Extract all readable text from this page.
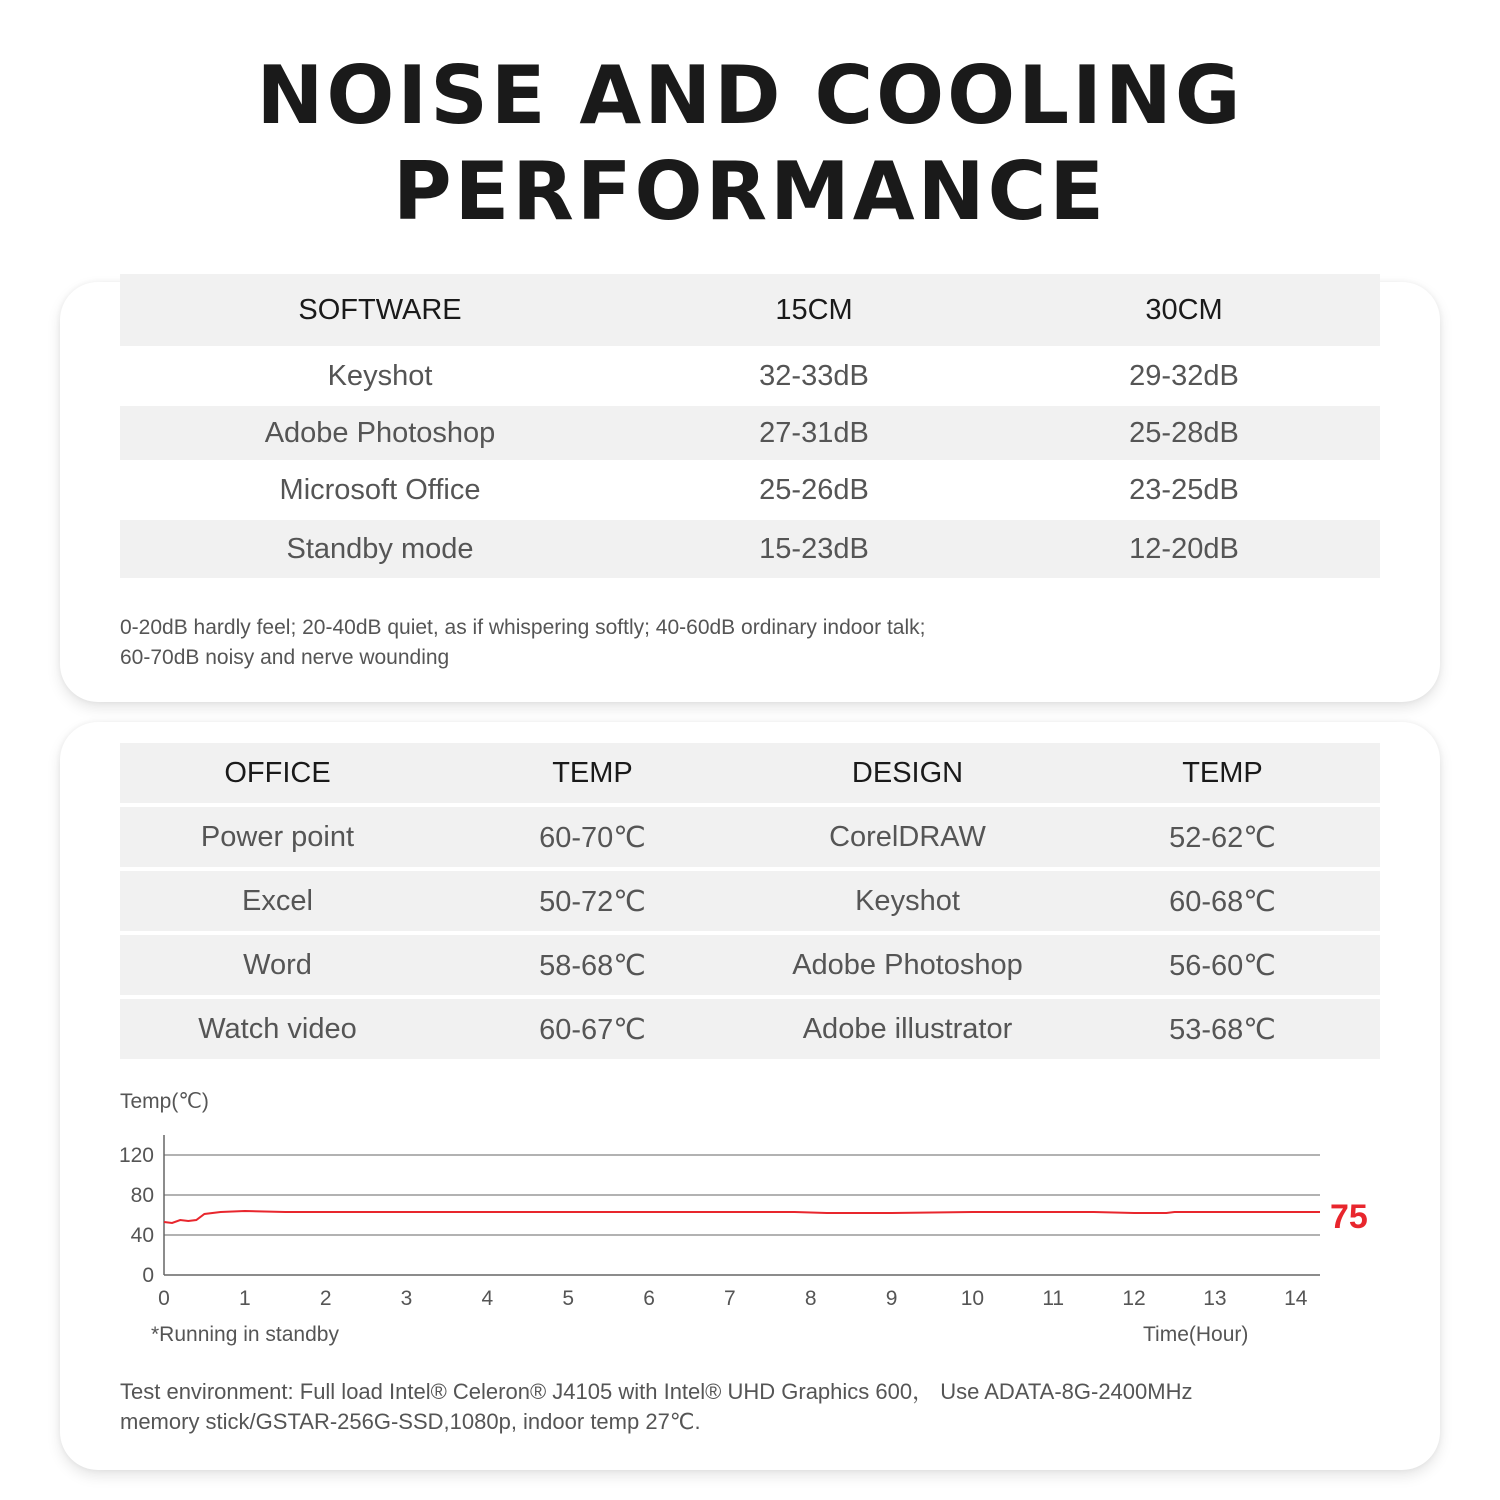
NOISE AND COOLING
PERFORMANCE
SOFTWARE	15CM	30CM
Keyshot	32-33dB	29-32dB
Adobe Photoshop	27-31dB	25-28dB
Microsoft Office	25-26dB	23-25dB
Standby mode	15-23dB	12-20dB
0-20dB hardly feel; 20-40dB quiet, as if whispering softly; 40-60dB ordinary indoor talk;
60-70dB noisy and nerve wounding
OFFICE	TEMP	DESIGN	TEMP
Power point	60-70℃	CorelDRAW	52-62℃
Excel	50-72℃	Keyshot	60-68℃
Word	58-68℃	Adobe Photoshop	56-60℃
Watch video	60-67℃	Adobe illustrator	53-68℃
Temp(℃)
0
40
80
120
0	1	2	3	4	5	6	7	8	9	10	11	12	13	14
75
*Running in standby	Time(Hour)
Test environment: Full load Intel® Celeron® J4105 with Intel® UHD Graphics 600， Use ADATA-8G-2400MHz
memory stick/GSTAR-256G-SSD,1080p, indoor temp 27℃.
